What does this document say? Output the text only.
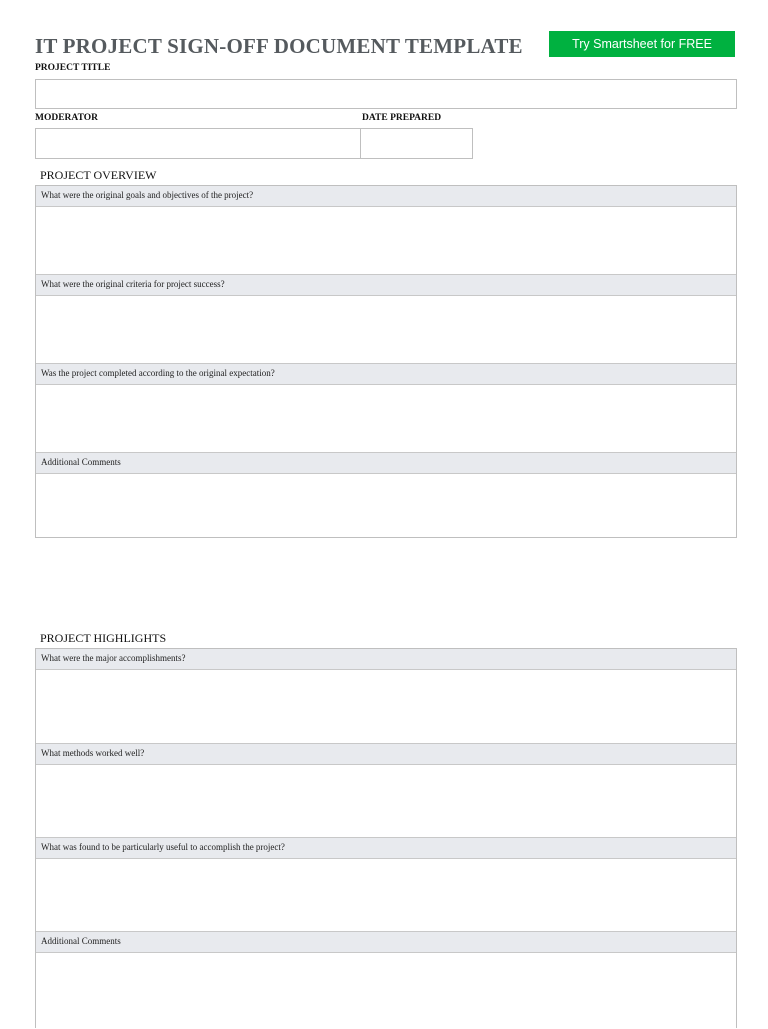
IT PROJECT SIGN-OFF DOCUMENT TEMPLATE	Try Smartsheet for FREE
PROJECT TITLE
MODERATOR	DATE PREPARED
PROJECT OVERVIEW
What were the original goals and objectives of the project?
What were the original criteria for project success?
Was the project completed according to the original expectation?
Additional Comments
PROJECT HIGHLIGHTS
What were the major accomplishments?
What methods worked well?
What was found to be particularly useful to accomplish the project?
Additional Comments
